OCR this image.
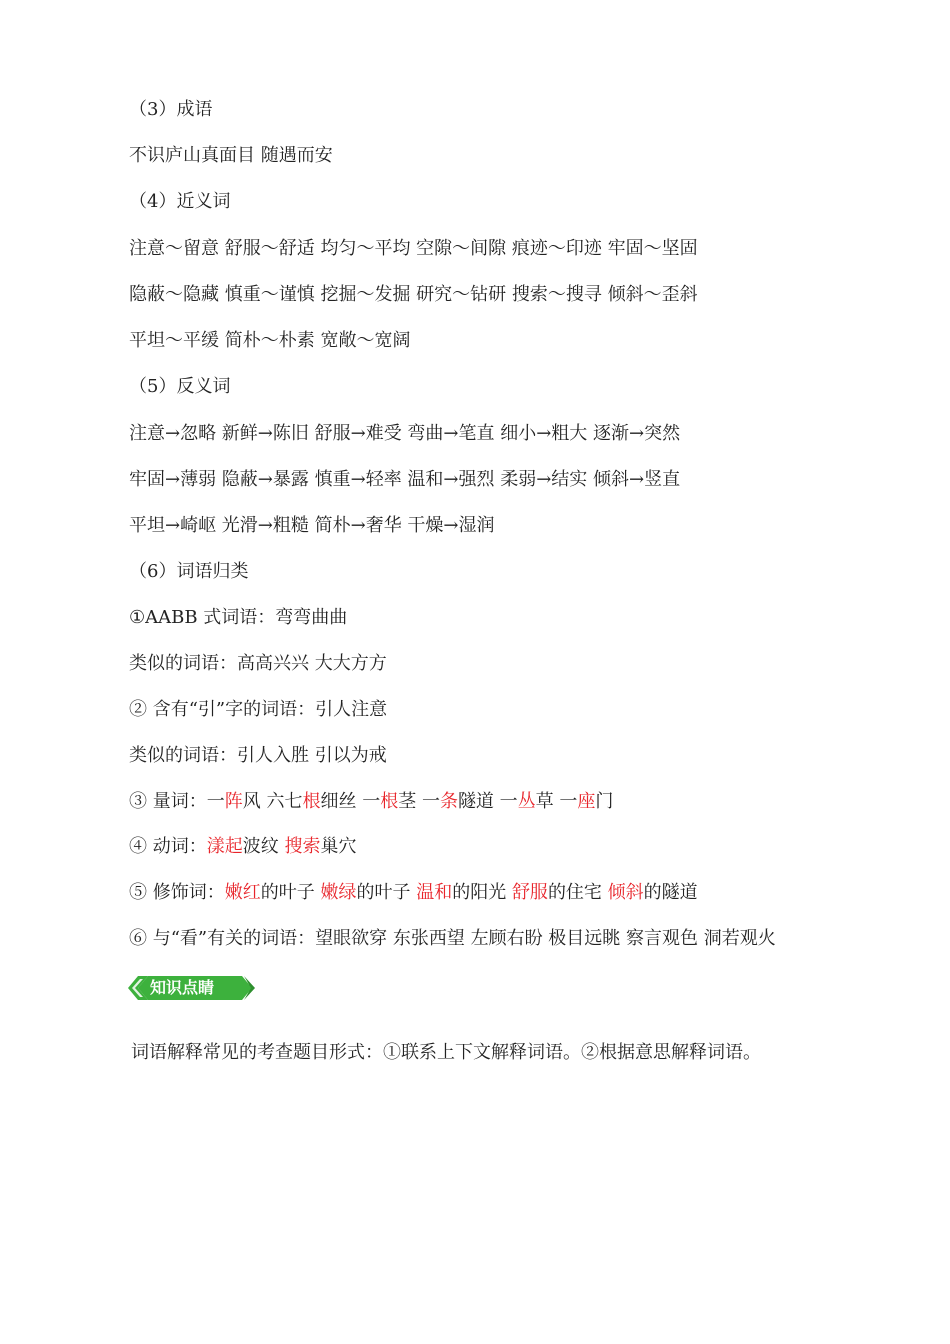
（3）成语
不识庐山真面目 随遇而安
（4）近义词
注意～留意 舒服～舒适 均匀～平均 空隙～间隙 痕迹～印迹 牢固～坚固
隐蔽～隐藏 慎重～谨慎 挖掘～发掘 研究～钻研 搜索～搜寻 倾斜～歪斜
平坦～平缓 简朴～朴素 宽敞～宽阔
（5）反义词
注意→忽略 新鲜→陈旧 舒服→难受 弯曲→笔直 细小→粗大 逐渐→突然
牢固→薄弱 隐蔽→暴露 慎重→轻率 温和→强烈 柔弱→结实 倾斜→竖直
平坦→崎岖 光滑→粗糙 简朴→奢华 干燥→湿润
（6）词语归类
①AABB 式词语：弯弯曲曲
类似的词语：高高兴兴 大大方方
② 含有“引”字的词语：引人注意
类似的词语：引人入胜 引以为戒
③ 量词：一阵风 六七根细丝 一根茎 一条隧道 一丛草 一座门
④ 动词：漾起波纹 搜索巢穴
⑤ 修饰词：嫩红的叶子 嫩绿的叶子 温和的阳光 舒服的住宅 倾斜的隧道
⑥ 与“看”有关的词语：望眼欲穿 东张西望 左顾右盼 极目远眺 察言观色 洞若观火
知识点睛
词语解释常见的考查题目形式：①联系上下文解释词语。②根据意思解释词语。
